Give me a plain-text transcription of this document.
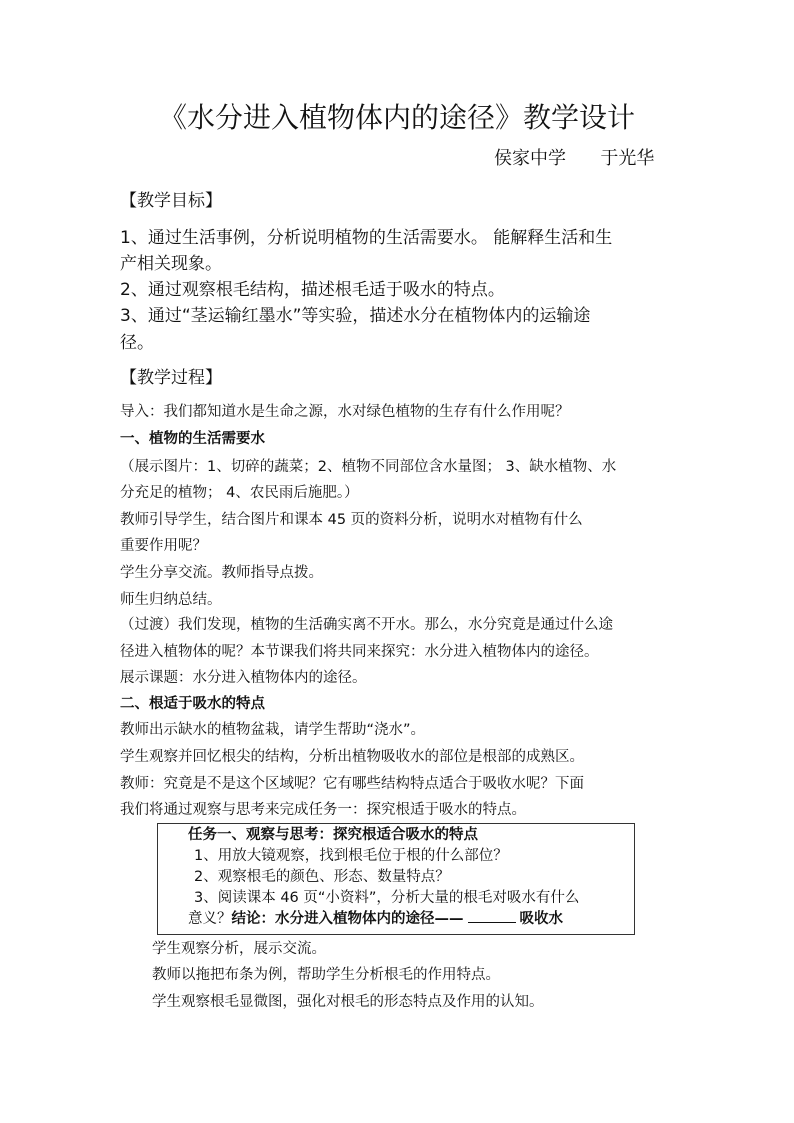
《水分进入植物体内的途径》教学设计
侯家中学 于光华
【教学目标】
1、通过生活事例，分析说明植物的生活需要水。 能解释生活和生
产相关现象。
2、通过观察根毛结构，描述根毛适于吸水的特点。
3、通过“茎运输红墨水”等实验，描述水分在植物体内的运输途
径。
【教学过程】
导入：我们都知道水是生命之源，水对绿色植物的生存有什么作用呢？
一、植物的生活需要水
（展示图片：1、切碎的蔬菜；2、植物不同部位含水量图； 3、缺水植物、水
分充足的植物； 4、农民雨后施肥。）
教师引导学生，结合图片和课本 45 页的资料分析，说明水对植物有什么
重要作用呢？
学生分享交流。教师指导点拨。
师生归纳总结。
（过渡）我们发现，植物的生活确实离不开水。那么，水分究竟是通过什么途
径进入植物体的呢？本节课我们将共同来探究：水分进入植物体内的途径。
展示课题：水分进入植物体内的途径。
二、根适于吸水的特点
教师出示缺水的植物盆栽，请学生帮助“浇水”。
学生观察并回忆根尖的结构，分析出植物吸收水的部位是根部的成熟区。
教师：究竟是不是这个区域呢？它有哪些结构特点适合于吸收水呢？下面
我们将通过观察与思考来完成任务一：探究根适于吸水的特点。
任务一、观察与思考：探究根适合吸水的特点
1、用放大镜观察，找到根毛位于根的什么部位？
2、观察根毛的颜色、形态、数量特点？
3、阅读课本 46 页“小资料”，分析大量的根毛对吸水有什么
意义？结论：水分进入植物体内的途径——	吸收水
学生观察分析，展示交流。
教师以拖把布条为例，帮助学生分析根毛的作用特点。
学生观察根毛显微图，强化对根毛的形态特点及作用的认知。
